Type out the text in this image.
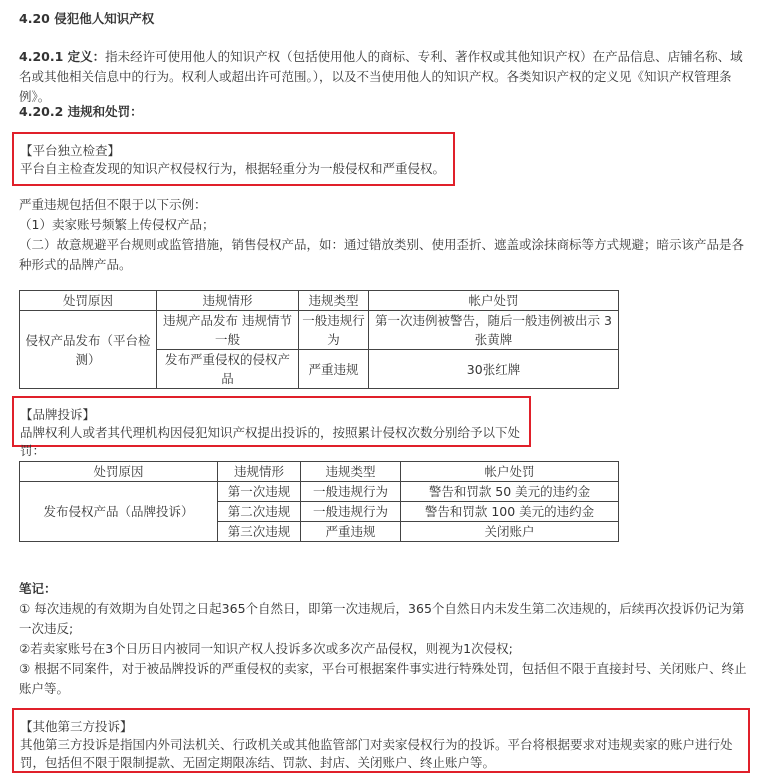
4.20 侵犯他人知识产权

4.20.1 定义：指未经许可使用他人的知识产权（包括使用他人的商标、专利、著作权或其他知识产权）在产品信息、店铺名称、域名或其他相关信息中的行为。权利人或超出许可范围。），以及不当使用他人的知识产权。各类知识产权的定义见《知识产权管理条例》。

4.20.2 违规和处罚：

【平台独立检查】
平台自主检查发现的知识产权侵权行为，根据轻重分为一般侵权和严重侵权。

严重违规包括但不限于以下示例：

（1）卖家账号频繁上传侵权产品；

（二）故意规避平台规则或监管措施，销售侵权产品，如：通过错放类别、使用歪折、遮盖或涂抹商标等方式规避；暗示该产品是各种形式的品牌产品。

处罚原因	违规情形	违规类型	帐户处罚
侵权产品发布（平台检测）	违规产品发布 违规情节一般	一般违规行为	第一次违例被警告，随后一般违例被出示 3 张黄牌
	发布严重侵权的侵权产品	严重违规	30张红牌
【品牌投诉】
品牌权利人或者其代理机构因侵犯知识产权提出投诉的，按照累计侵权次数分别给予以下处罚：
处罚原因	违规情形	违规类型	帐户处罚
发布侵权产品（品牌投诉）	第一次违规	一般违规行为	警告和罚款 50 美元的违约金
	第二次违规	一般违规行为	警告和罚款 100 美元的违约金
	第三次违规	严重违规	关闭账户

笔记：

① 每次违规的有效期为自处罚之日起365个自然日，即第一次违规后，365个自然日内未发生第二次违规的，后续再次投诉仍记为第一次违反;

②若卖家账号在3个日历日内被同一知识产权人投诉多次或多次产品侵权，则视为1次侵权;

③ 根据不同案件，对于被品牌投诉的严重侵权的卖家，平台可根据案件事实进行特殊处罚，包括但不限于直接封号、关闭账户、终止账户等。

【其他第三方投诉】
其他第三方投诉是指国内外司法机关、行政机关或其他监管部门对卖家侵权行为的投诉。平台将根据要求对违规卖家的账户进行处罚，包括但不限于限制提款、无固定期限冻结、罚款、封店、关闭账户、终止账户等。
